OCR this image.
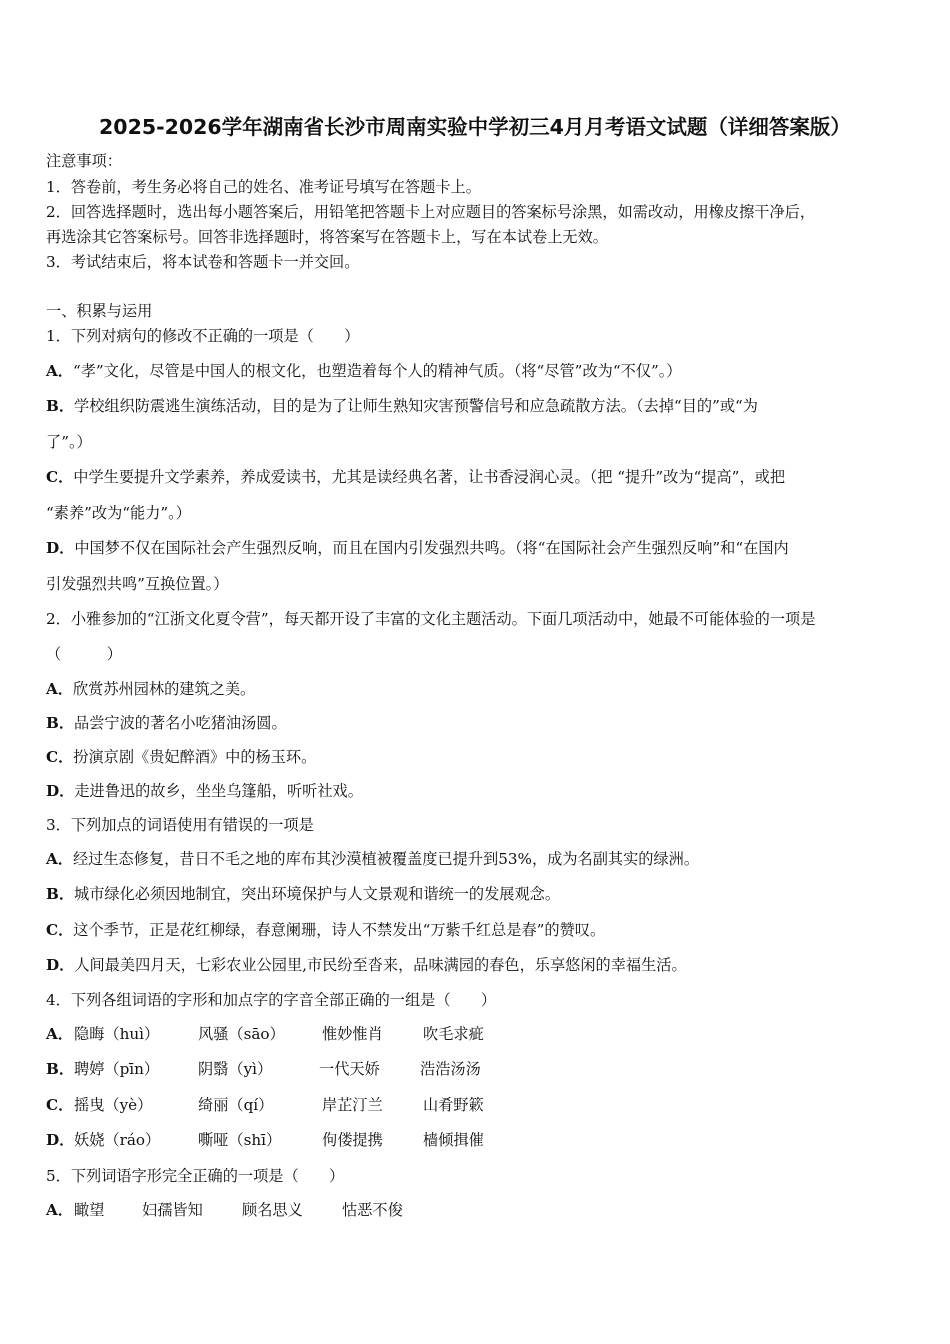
2025-2026学年湖南省长沙市周南实验中学初三4月月考语文试题（详细答案版）
注意事项：
1．答卷前，考生务必将自己的姓名、准考证号填写在答题卡上。
2．回答选择题时，选出每小题答案后，用铅笔把答题卡上对应题目的答案标号涂黑，如需改动，用橡皮擦干净后，
再选涂其它答案标号。回答非选择题时，将答案写在答题卡上，写在本试卷上无效。
3．考试结束后，将本试卷和答题卡一并交回。
一、积累与运用
1．下列对病句的修改不正确的一项是（　　）
A．“孝”文化，尽管是中国人的根文化，也塑造着每个人的精神气质。（将“尽管”改为“不仅”。）
B．学校组织防震逃生演练活动，目的是为了让师生熟知灾害预警信号和应急疏散方法。（去掉“目的”或“为
了”。）
C．中学生要提升文学素养，养成爱读书，尤其是读经典名著，让书香浸润心灵。（把 “提升”改为“提高”，或把
“素养”改为“能力”。）
D．中国梦不仅在国际社会产生强烈反响，而且在国内引发强烈共鸣。（将“在国际社会产生强烈反响”和“在国内
引发强烈共鸣”互换位置。）
2．小雅参加的“江浙文化夏令营”，每天都开设了丰富的文化主题活动。下面几项活动中，她最不可能体验的一项是
（　　　）
A．欣赏苏州园林的建筑之美。
B．品尝宁波的著名小吃猪油汤圆。
C．扮演京剧《贵妃醉酒》中的杨玉环。
D．走进鲁迅的故乡，坐坐乌篷船，听听社戏。
3．下列加点的词语使用有错误的一项是
A．经过生态修复，昔日不毛之地的库布其沙漠植被覆盖度已提升到53%，成为名副其实的绿洲。
B．城市绿化必须因地制宜，突出环境保护与人文景观和谐统一的发展观念。
C．这个季节，正是花红柳绿，春意阑珊，诗人不禁发出“万紫千红总是春”的赞叹。
D．人间最美四月天，七彩农业公园里,市民纷至沓来，品味满园的春色，乐享悠闲的幸福生活。
4．下列各组词语的字形和加点字的字音全部正确的一组是（　　）
A． 隐晦（huì）	风骚（sāo） 惟妙惟肖	吹毛求疵
B． 聘婷（pīn）	阴翳（yì）	一代天娇	浩浩汤汤
C． 摇曳（yè）	绮丽（qí）	岸芷汀兰	山肴野簌
D． 妖娆（ráo） 嘶哑（shī）	佝偻提携	樯倾揖催
5．下列词语字形完全正确的一项是（　　）
A． 瞰望 妇孺皆知	顾名思义	怙恶不俊
